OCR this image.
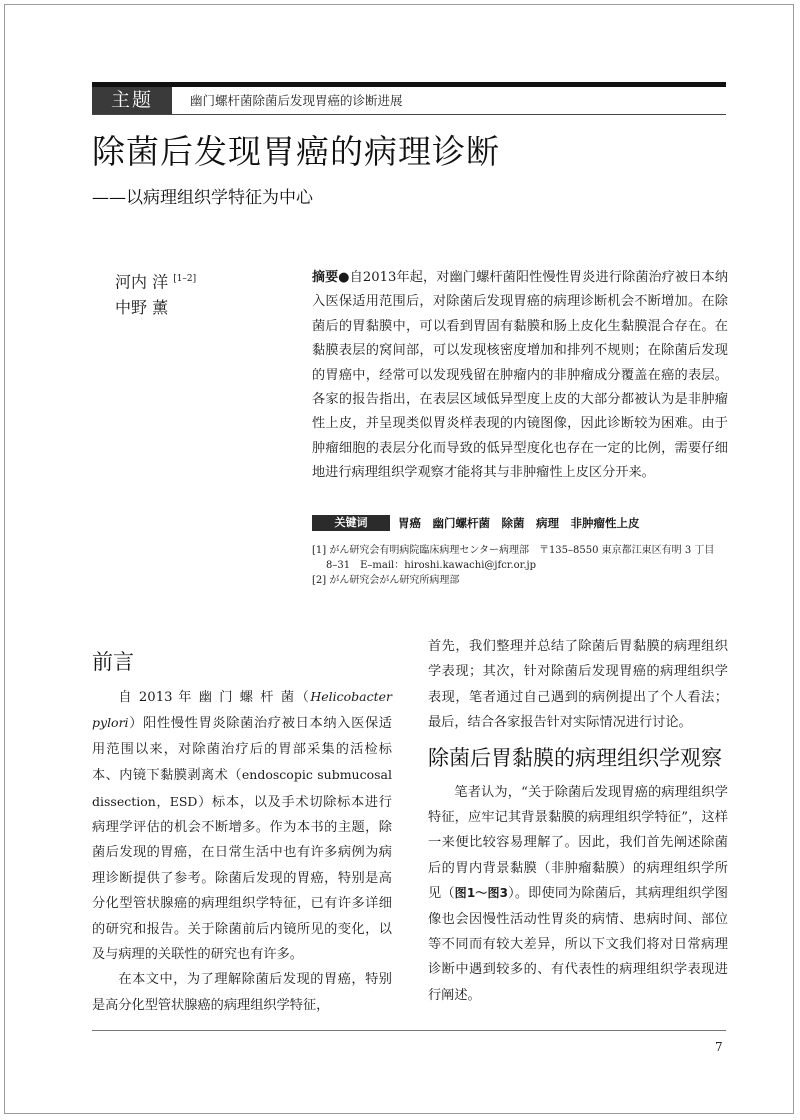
主题	幽门螺杆菌除菌后发现胃癌的诊断进展
除菌后发现胃癌的病理诊断
——以病理组织学特征为中心
河内 洋 [1–2]
中野 薰
摘要●自2013年起，对幽门螺杆菌阳性慢性胃炎进行除菌治疗被日本纳入医保适用范围后，对除菌后发现胃癌的病理诊断机会不断增加。在除菌后的胃黏膜中，可以看到胃固有黏膜和肠上皮化生黏膜混合存在。在黏膜表层的窝间部，可以发现核密度增加和排列不规则；在除菌后发现的胃癌中，经常可以发现残留在肿瘤内的非肿瘤成分覆盖在癌的表层。各家的报告指出，在表层区域低异型度上皮的大部分都被认为是非肿瘤性上皮，并呈现类似胃炎样表现的内镜图像，因此诊断较为困难。由于肿瘤细胞的表层分化而导致的低异型度化也存在一定的比例，需要仔细地进行病理组织学观察才能将其与非肿瘤性上皮区分开来。
关键词	胃癌　幽门螺杆菌　除菌　病理　非肿瘤性上皮
[1] がん研究会有明病院臨床病理センター病理部　〒135–8550 東京都江東区有明 3 丁目 8–31　E–mail：hiroshi.kawachi@jfcr.or.jp
[2] がん研究会がん研究所病理部
前言

自 2013 年 幽 门 螺 杆 菌（Helicobacter pylori）阳性慢性胃炎除菌治疗被日本纳入医保适用范围以来，对除菌治疗后的胃部采集的活检标本、内镜下黏膜剥离术（endoscopic submucosal dissection，ESD）标本，以及手术切除标本进行病理学评估的机会不断增多。作为本书的主题，除菌后发现的胃癌，在日常生活中也有许多病例为病理诊断提供了参考。除菌后发现的胃癌，特别是高分化型管状腺癌的病理组织学特征，已有许多详细的研究和报告。关于除菌前后内镜所见的变化，以及与病理的关联性的研究也有许多。

在本文中，为了理解除菌后发现的胃癌，特别是高分化型管状腺癌的病理组织学特征，

首先，我们整理并总结了除菌后胃黏膜的病理组织学表现；其次，针对除菌后发现胃癌的病理组织学表现，笔者通过自己遇到的病例提出了个人看法；最后，结合各家报告针对实际情况进行讨论。

除菌后胃黏膜的病理组织学观察

笔者认为，“关于除菌后发现胃癌的病理组织学特征，应牢记其背景黏膜的病理组织学特征”，这样一来便比较容易理解了。因此，我们首先阐述除菌后的胃内背景黏膜（非肿瘤黏膜）的病理组织学所见（图1～图3）。即使同为除菌后，其病理组织学图像也会因慢性活动性胃炎的病情、患病时间、部位等不同而有较大差异，所以下文我们将对日常病理诊断中遇到较多的、有代表性的病理组织学表现进行阐述。

7
